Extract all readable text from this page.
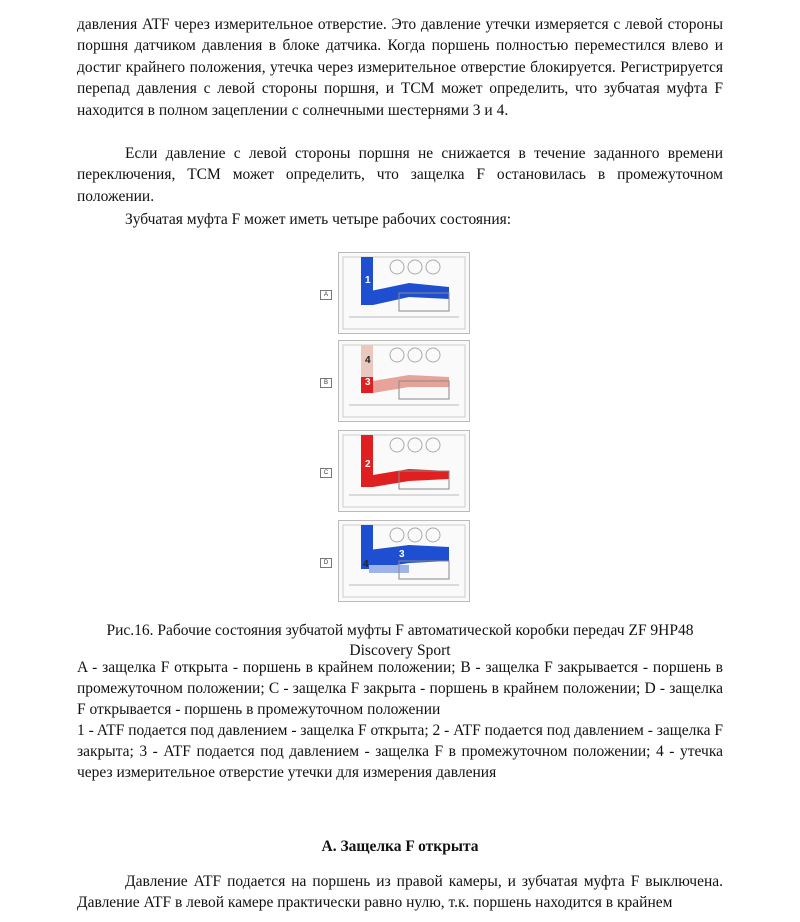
давления ATF через измерительное отверстие. Это давление утечки измеряется с левой стороны поршня датчиком давления в блоке датчика. Когда поршень полностью переместился влево и достиг крайнего положения, утечка через измерительное отверстие блокируется. Регистрируется перепад давления с левой стороны поршня, и TCM может определить, что зубчатая муфта F находится в полном зацеплении с солнечными шестернями 3 и 4.

Если давление с левой стороны поршня не снижается в течение заданного времени переключения, TCM может определить, что защелка F остановилась в промежуточном положении.

Зубчатая муфта F может иметь четыре рабочих состояния:

A
1
B
4
3
C
2
D
3
4

Рис.16. Рабочие состояния зубчатой муфты F автоматической коробки передач ZF 9HP48 Discovery Sport

A - защелка F открыта - поршень в крайнем положении; B - защелка F закрывается - поршень в промежуточном положении; C - защелка F закрыта - поршень в крайнем положении; D - защелка F открывается - поршень в промежуточном положении

1 - ATF подается под давлением - защелка F открыта; 2 - ATF подается под давлением - защелка F закрыта; 3 - ATF подается под давлением - защелка F в промежуточном положении; 4 - утечка через измерительное отверстие утечки для измерения давления

A. Защелка F открыта

Давление ATF подается на поршень из правой камеры, и зубчатая муфта F выключена. Давление ATF в левой камере практически равно нулю, т.к. поршень находится в крайнем
